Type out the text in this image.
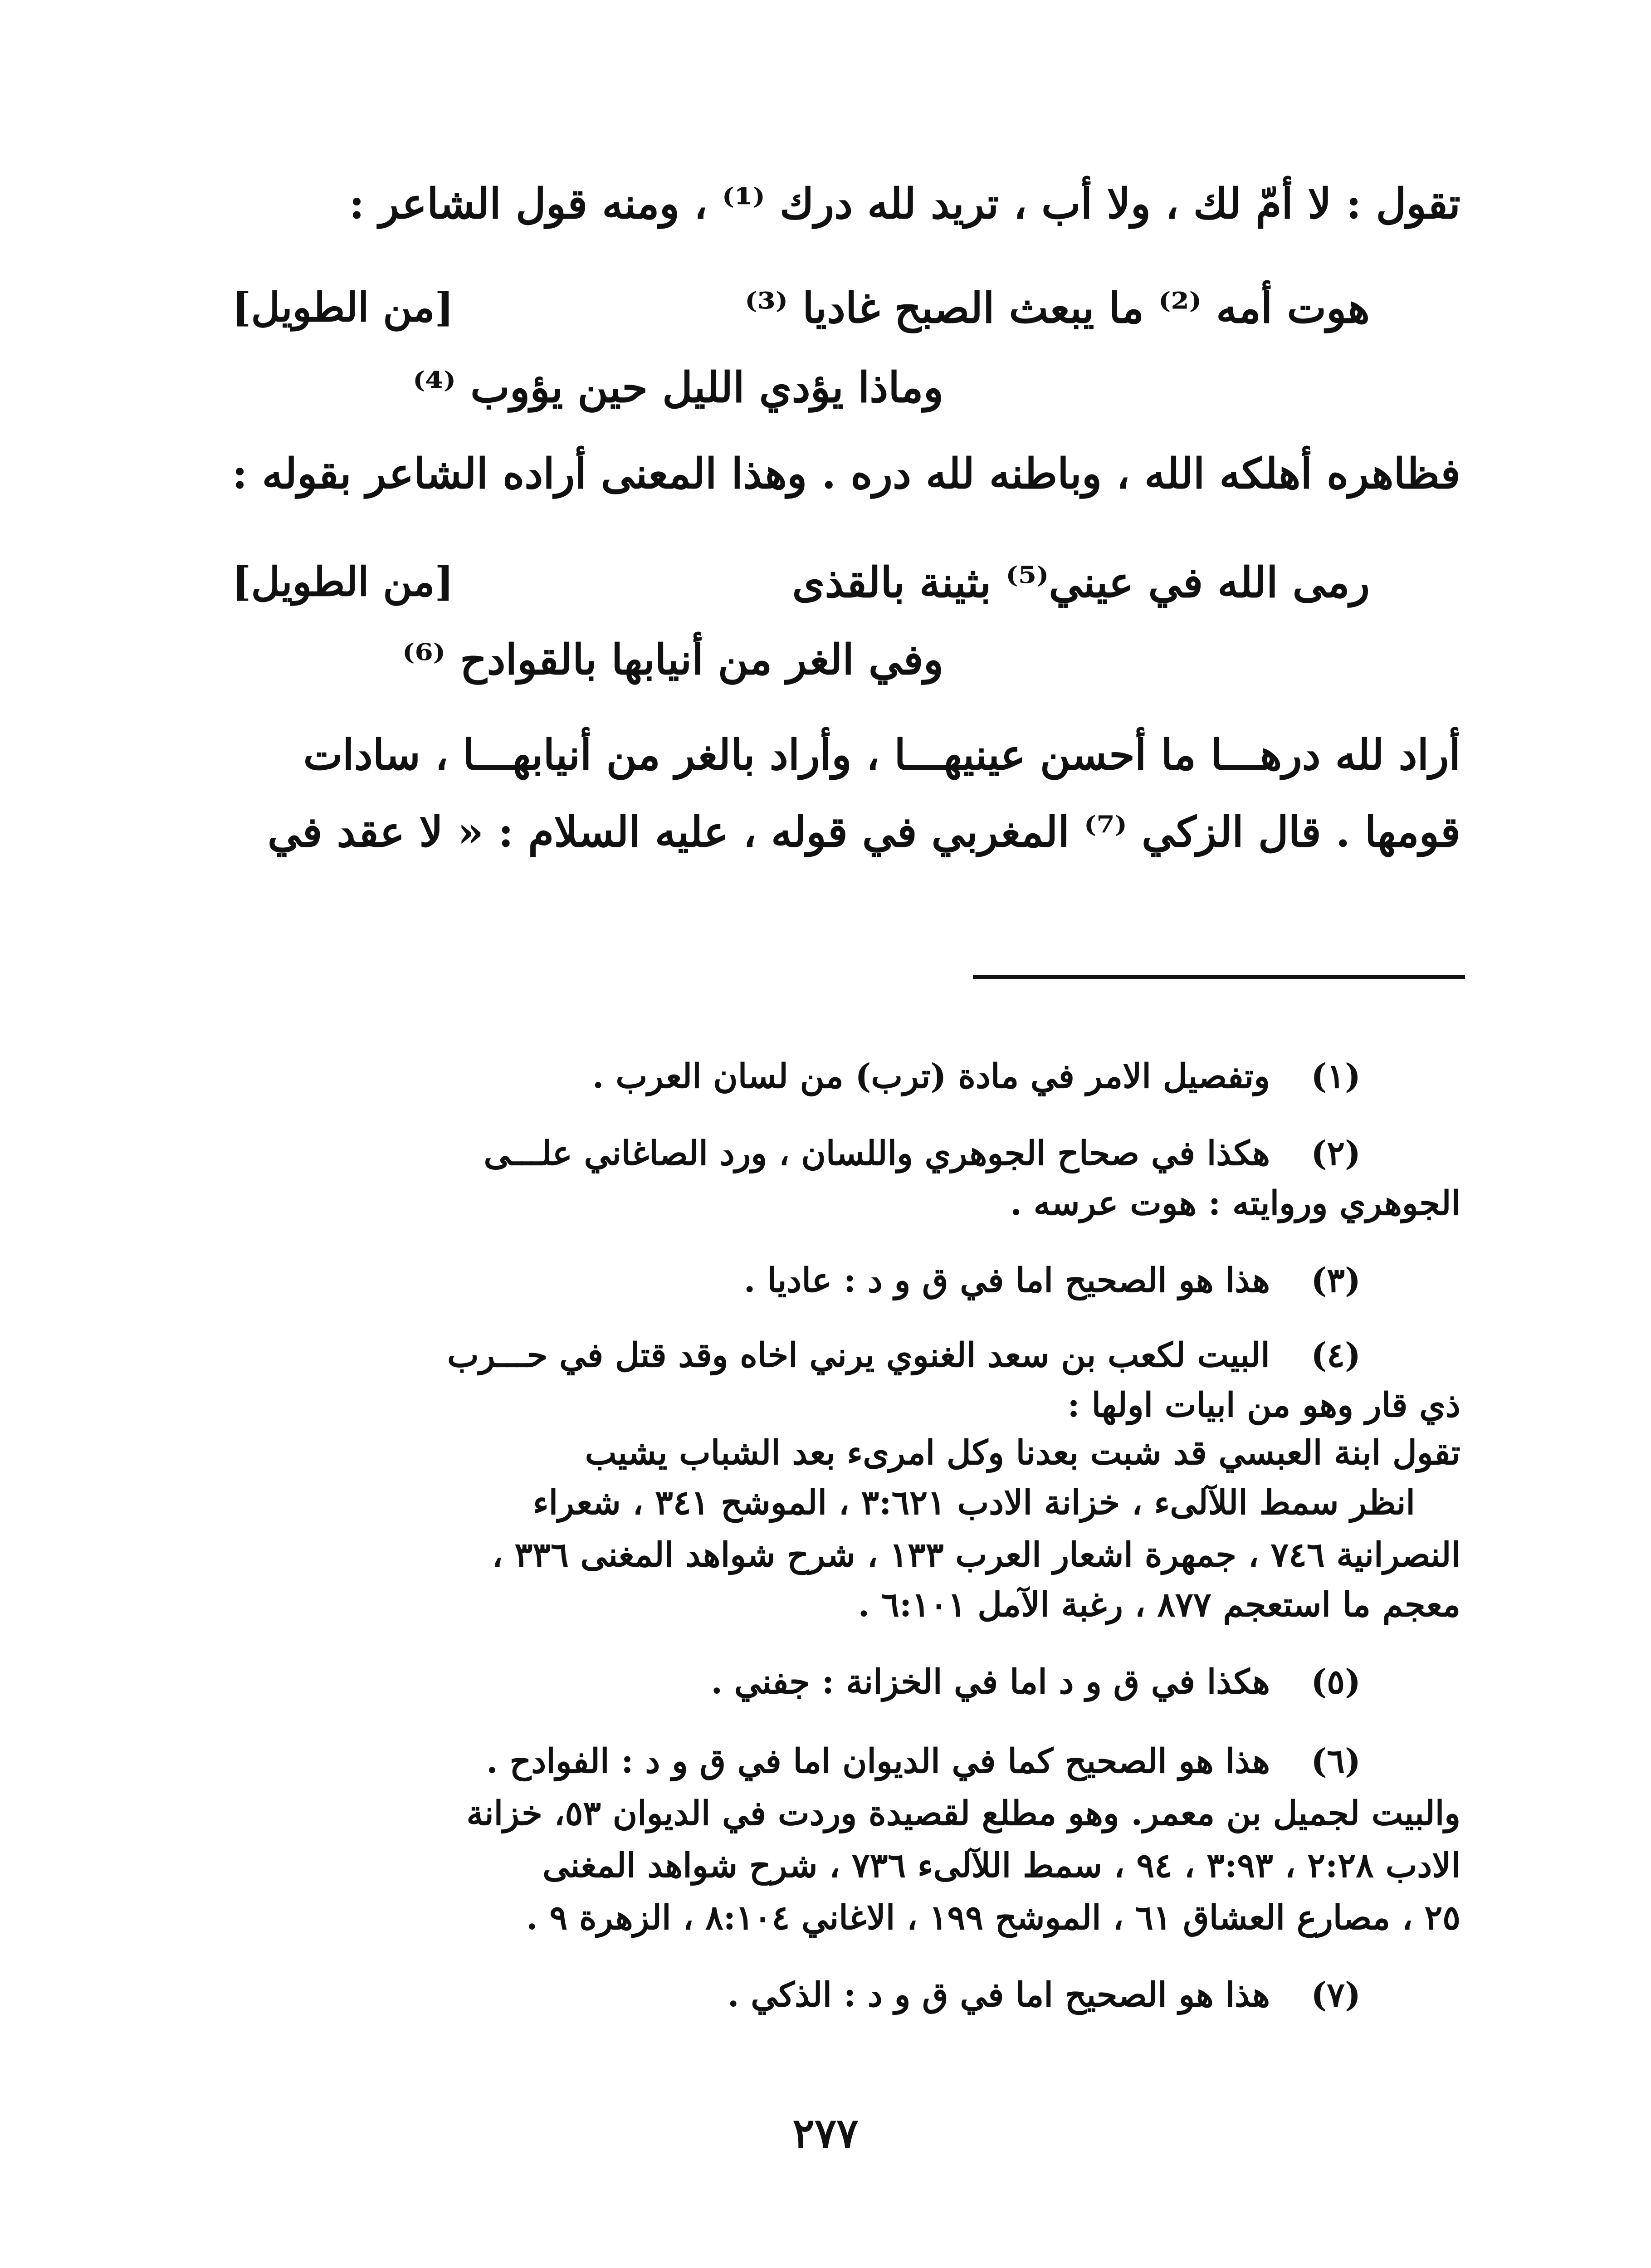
تقول : لا أمّ لك ، ولا أب ، تريد لله درك ⁽¹⁾ ، ومنه قول الشاعر :
[من الطويل]	هوت أمه ⁽²⁾ ما يبعث الصبح غاديا ⁽³⁾
وماذا يؤدي الليل حين يؤوب ⁽⁴⁾
فظاهره أهلكه الله ، وباطنه لله دره . وهذا المعنى أراده الشاعر بقوله :
[من الطويل]	رمى الله في عيني⁽⁵⁾ بثينة بالقذى
وفي الغر من أنيابها بالقوادح ⁽⁶⁾
أراد لله درهـــا ما أحسن عينيهـــا ، وأراد بالغر من أنيابهـــا ، سادات
قومها . قال الزكي ⁽⁷⁾ المغربي في قوله ، عليه السلام : « لا عقد في
(١)
وتفصيل الامر في مادة (ترب) من لسان العرب .
(٢)
هكذا في صحاح الجوهري واللسان ، ورد الصاغاني علـــى
الجوهري وروايته : هوت عرسه .
(٣)
هذا هو الصحيح اما في ق و د : عاديا .
(٤)
البيت لكعب بن سعد الغنوي يرني اخاه وقد قتل في حـــرب
ذي قار وهو من ابيات اولها :
تقول ابنة العبسي قد شبت بعدنا وكل امرىء بعد الشباب يشيب
انظر سمط اللآلىء ، خزانة الادب ٣:٦٢١ ، الموشح ٣٤١ ، شعراء
النصرانية ٧٤٦ ، جمهرة اشعار العرب ١٣٣ ، شرح شواهد المغنى ٣٣٦ ،
معجم ما استعجم ٨٧٧ ، رغبة الآمل ٦:١٠١ .
(٥)
هكذا في ق و د اما في الخزانة : جفني .
(٦)
هذا هو الصحيح كما في الديوان اما في ق و د : الفوادح .
والبيت لجميل بن معمر. وهو مطلع لقصيدة وردت في الديوان ٥٣، خزانة
الادب ٢:٢٨ ، ٣:٩٣ ، ٩٤ ، سمط اللآلىء ٧٣٦ ، شرح شواهد المغنى
٢٥ ، مصارع العشاق ٦١ ، الموشح ١٩٩ ، الاغاني ٨:١٠٤ ، الزهرة ٩ .
(٧)
هذا هو الصحيح اما في ق و د : الذكي .
٢٧٧
